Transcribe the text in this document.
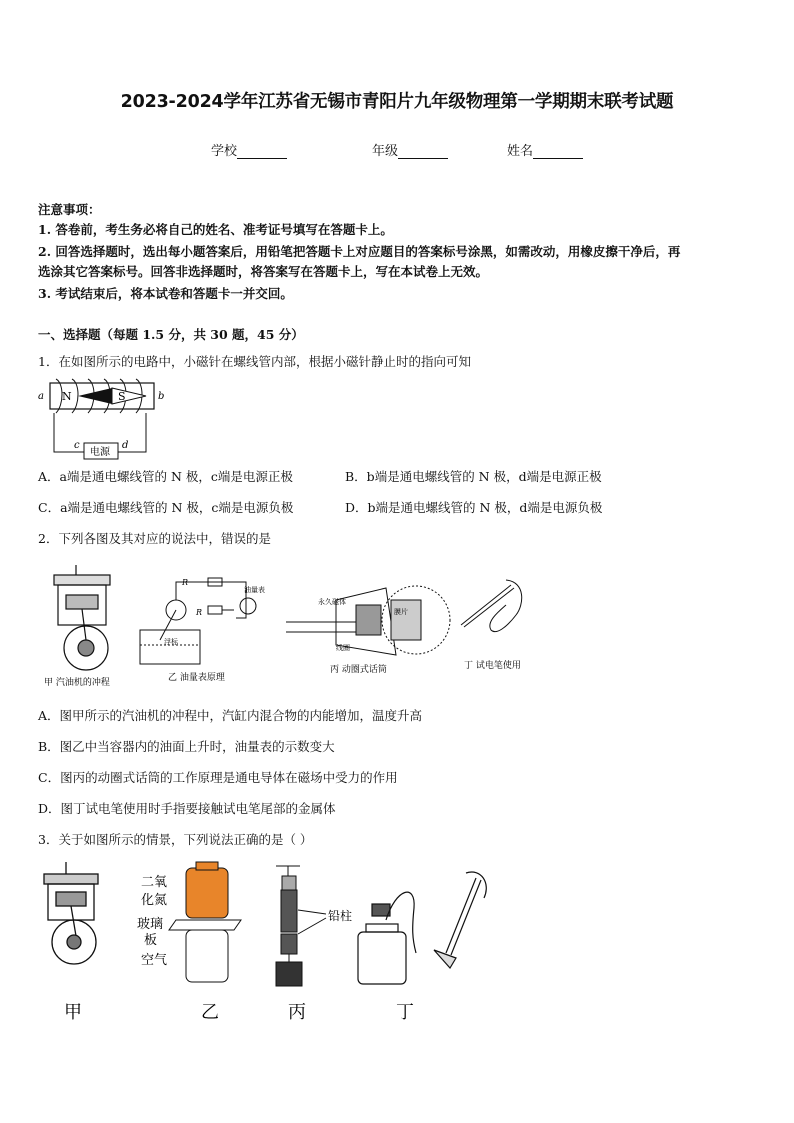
2023-2024学年江苏省无锡市青阳片九年级物理第一学期期末联考试题
学校	年级	姓名
注意事项：
1. 答卷前，考生务必将自己的姓名、准考证号填写在答题卡上。
2. 回答选择题时，选出每小题答案后，用铅笔把答题卡上对应题目的答案标号涂黑，如需改动，用橡皮擦干净后，再
选涂其它答案标号。回答非选择题时，将答案写在答题卡上，写在本试卷上无效。
3. 考试结束后，将本试卷和答题卡一并交回。
一、选择题（每题 1.5 分，共 30 题，45 分）
1．在如图所示的电路中，小磁针在螺线管内部，根据小磁针静止时的指向可知
N	S
a	b
电源
c	d
A．a端是通电螺线管的 N 极，c端是电源正极	B．b端是通电螺线管的 N 极，d端是电源正极
C．a端是通电螺线管的 N 极，c端是电源负极	D．b端是通电螺线管的 N 极，d端是电源负极
2．下列各图及其对应的说法中，错误的是
甲 汽油机的冲程
R
R
油量表
浮标
乙 油量表原理
永久磁体
膜片
线圈
丙 动圈式话筒	丁 试电笔使用
A．图甲所示的汽油机的冲程中，汽缸内混合物的内能增加，温度升高
B．图乙中当容器内的油面上升时，油量表的示数变大
C．图丙的动圈式话筒的工作原理是通电导体在磁场中受力的作用
D．图丁试电笔使用时手指要接触试电笔尾部的金属体
3．关于如图所示的情景，下列说法正确的是（ ）
甲
二氧
化氮
玻璃
板
空气
乙
铅柱
丙	丁
